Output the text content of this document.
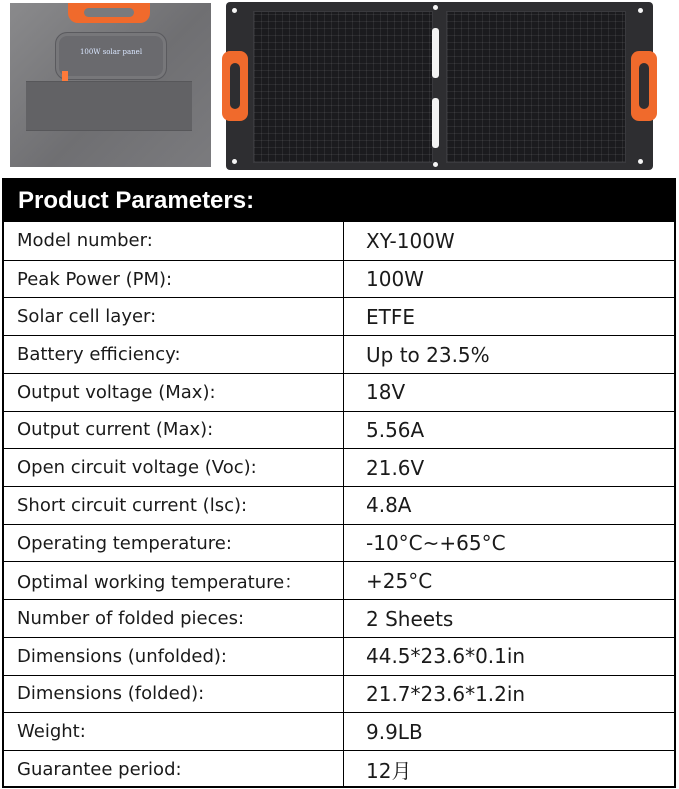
100W solar panel
Product Parameters:
Model number:	XY-100W
Peak Power (PM):	100W
Solar cell layer:	ETFE
Battery efficiency:	Up to 23.5%
Output voltage (Max):	18V
Output current (Max):	5.56A
Open circuit voltage (Voc):	21.6V
Short circuit current (lsc):	4.8A
Operating temperature:	-10°C~+65°C
Optimal working temperature：	+25°C
Number of folded pieces:	2 Sheets
Dimensions (unfolded):	44.5*23.6*0.1in
Dimensions (folded):	21.7*23.6*1.2in
Weight:	9.9LB
Guarantee period:	12月
